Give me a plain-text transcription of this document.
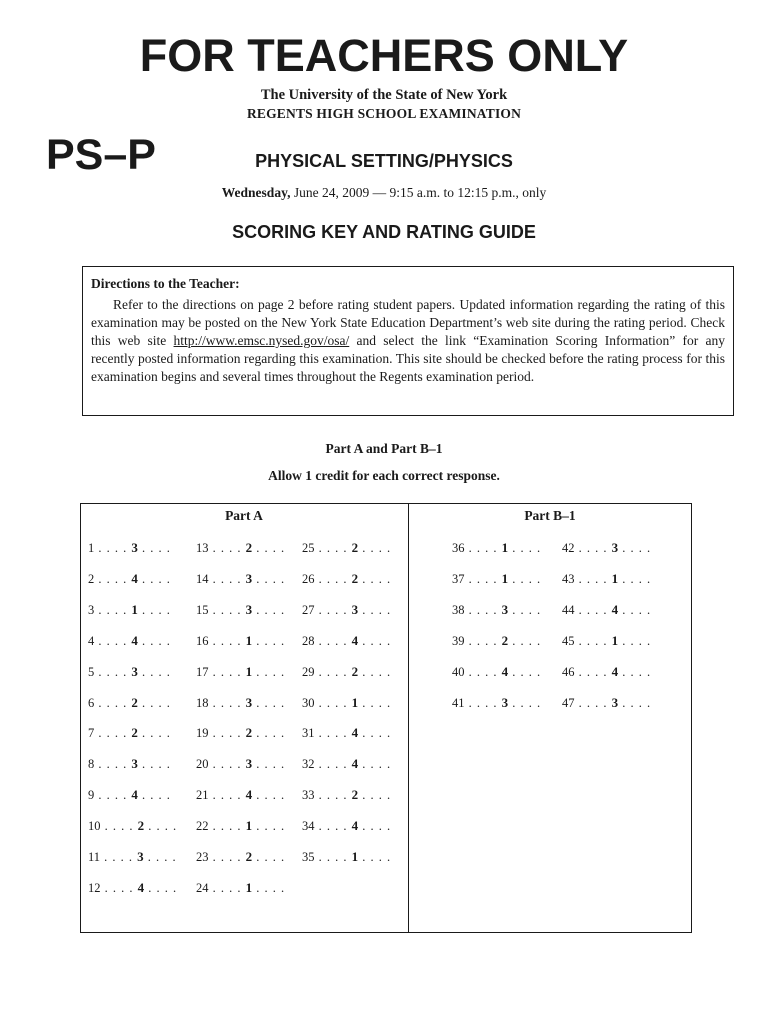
FOR TEACHERS ONLY
The University of the State of New York
REGENTS HIGH SCHOOL EXAMINATION
PS–P	PHYSICAL SETTING/PHYSICS
Wednesday, June 24, 2009 — 9:15 a.m. to 12:15 p.m., only
SCORING KEY AND RATING GUIDE
Directions to the Teacher:
Refer to the directions on page 2 before rating student papers. Updated information regarding the rating of this examination may be posted on the New York State Education Department’s web site during the rating period. Check this web site http://www.emsc.nysed.gov/osa/ and select the link “Examination Scoring Information” for any recently posted information regarding this examination. This site should be checked before the rating process for this examination begins and several times throughout the Regents examination period.
Part A and Part B–1
Allow 1 credit for each correct response.
Part A	Part B–1
1 . . . . 3 . . . .
2 . . . . 4 . . . .
3 . . . . 1 . . . .
4 . . . . 4 . . . .
5 . . . . 3 . . . .
6 . . . . 2 . . . .
7 . . . . 2 . . . .
8 . . . . 3 . . . .
9 . . . . 4 . . . .
10 . . . . 2 . . . .
11 . . . . 3 . . . .
12 . . . . 4 . . . .
13 . . . . 2 . . . .
14 . . . . 3 . . . .
15 . . . . 3 . . . .
16 . . . . 1 . . . .
17 . . . . 1 . . . .
18 . . . . 3 . . . .
19 . . . . 2 . . . .
20 . . . . 3 . . . .
21 . . . . 4 . . . .
22 . . . . 1 . . . .
23 . . . . 2 . . . .
24 . . . . 1 . . . .
25 . . . . 2 . . . .
26 . . . . 2 . . . .
27 . . . . 3 . . . .
28 . . . . 4 . . . .
29 . . . . 2 . . . .
30 . . . . 1 . . . .
31 . . . . 4 . . . .
32 . . . . 4 . . . .
33 . . . . 2 . . . .
34 . . . . 4 . . . .
35 . . . . 1 . . . .
36 . . . . 1 . . . .
37 . . . . 1 . . . .
38 . . . . 3 . . . .
39 . . . . 2 . . . .
40 . . . . 4 . . . .
41 . . . . 3 . . . .
42 . . . . 3 . . . .
43 . . . . 1 . . . .
44 . . . . 4 . . . .
45 . . . . 1 . . . .
46 . . . . 4 . . . .
47 . . . . 3 . . . .
